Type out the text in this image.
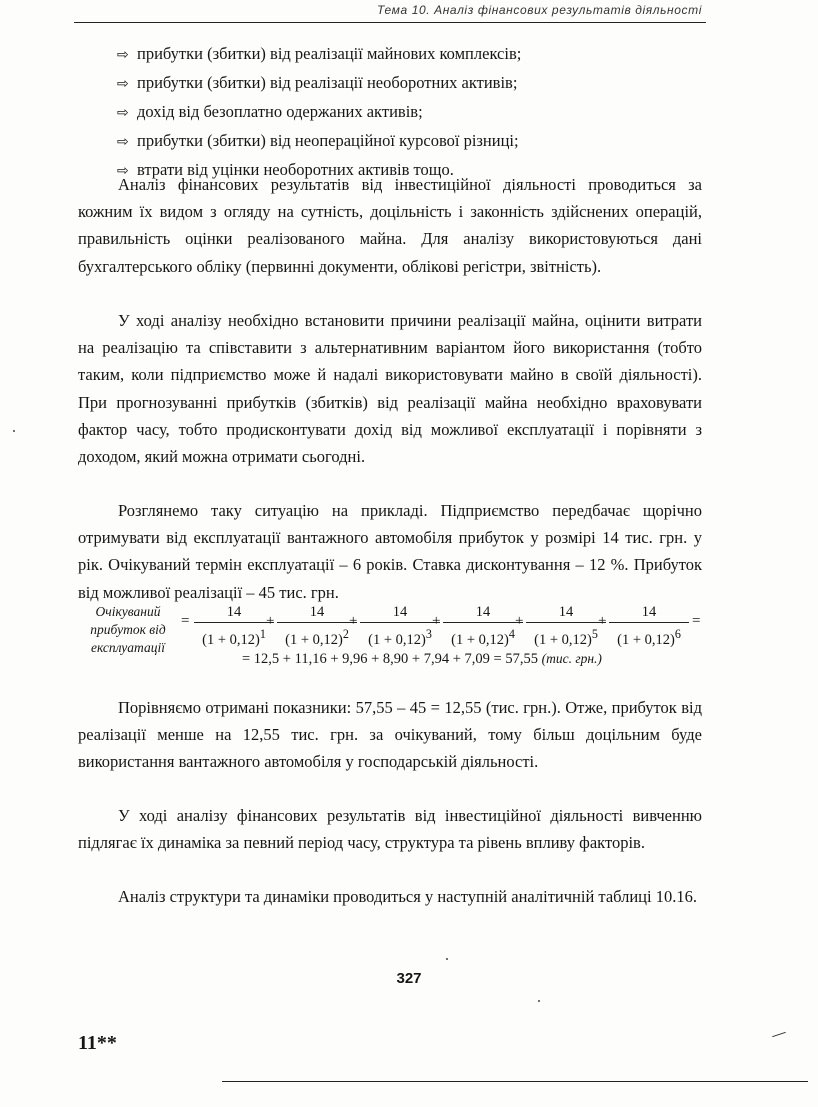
Тема 10. Аналіз фінансових результатів діяльності
⇨ прибутки (збитки) від реалізації майнових комплексів;
⇨ прибутки (збитки) від реалізації необоротних активів;
⇨ дохід від безоплатно одержаних активів;
⇨ прибутки (збитки) від неопераційної курсової різниці;
⇨ втрати від уцінки необоротних активів тощо.

Аналіз фінансових результатів від інвестиційної діяльності проводиться за кожним їх видом з огляду на сутність, доцільність і законність здійснених операцій, правильність оцінки реалізованого майна. Для аналізу використовуються дані бухгалтерського обліку (первинні документи, облікові регістри, звітність).

У ході аналізу необхідно встановити причини реалізації майна, оцінити витрати на реалізацію та співставити з альтернативним варіантом його використання (тобто таким, коли підприємство може й надалі використовувати майно в своїй діяльності). При прогнозуванні прибутків (збитків) від реалізації майна необхідно враховувати фактор часу, тобто продисконтувати дохід від можливої експлуатації і порівняти з доходом, який можна отримати сьогодні.

Розглянемо таку ситуацію на прикладі. Підприємство передбачає щорічно отримувати від експлуатації вантажного автомобіля прибуток у розмірі 14 тис. грн. у рік. Очікуваний термін експлуатації – 6 років. Ставка дисконтування – 12 %. Прибуток від можливої реалізації – 45 тис. грн.

Очікуваний
прибуток від
експлуатації
=
14
$(1 + 0,12)^1$
+
14
$(1 + 0,12)^2$
+
14
$(1 + 0,12)^3$
+
14
$(1 + 0,12)^4$
+
14
$(1 + 0,12)^5$
+
14
$(1 + 0,12)^6$
=
= 12,5 + 11,16 + 9,96 + 8,90 + 7,94 + 7,09 = 57,55 (тис. грн.)

Порівняємо отримані показники: 57,55 – 45 = 12,55 (тис. грн.). Отже, прибуток від реалізації менше на 12,55 тис. грн. за очікуваний, тому більш доцільним буде використання вантажного автомобіля у господарській діяльності.

У ході аналізу фінансових результатів від інвестиційної діяльності вивченню підлягає їх динаміка за певний період часу, структура та рівень впливу факторів.

Аналіз структури та динаміки проводиться у наступній аналітичній таблиці 10.16.

327
11**
